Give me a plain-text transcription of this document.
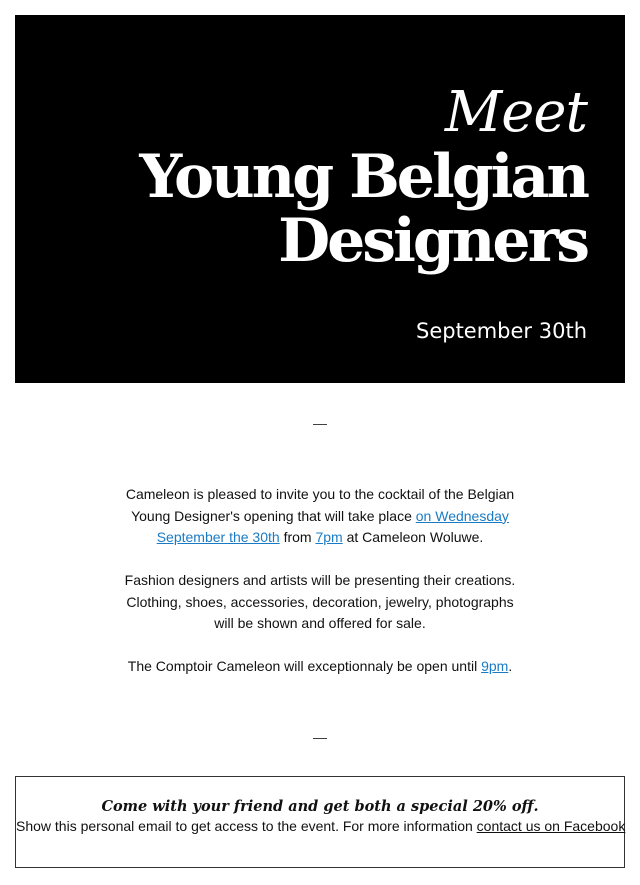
Meet
Young Belgian
Designers
September 30th
—

Cameleon is pleased to invite you to the cocktail of the Belgian Young Designer's opening that will take place on Wednesday September the 30th from 7pm at Cameleon Woluwe.

Fashion designers and artists will be presenting their creations. Clothing, shoes, accessories, decoration, jewelry, photographs will be shown and offered for sale.

The Comptoir Cameleon will exceptionnaly be open until 9pm.

—

Come with your friend and get both a special 20% off.

Show this personal email to get access to the event. For more information contact us on Facebook
